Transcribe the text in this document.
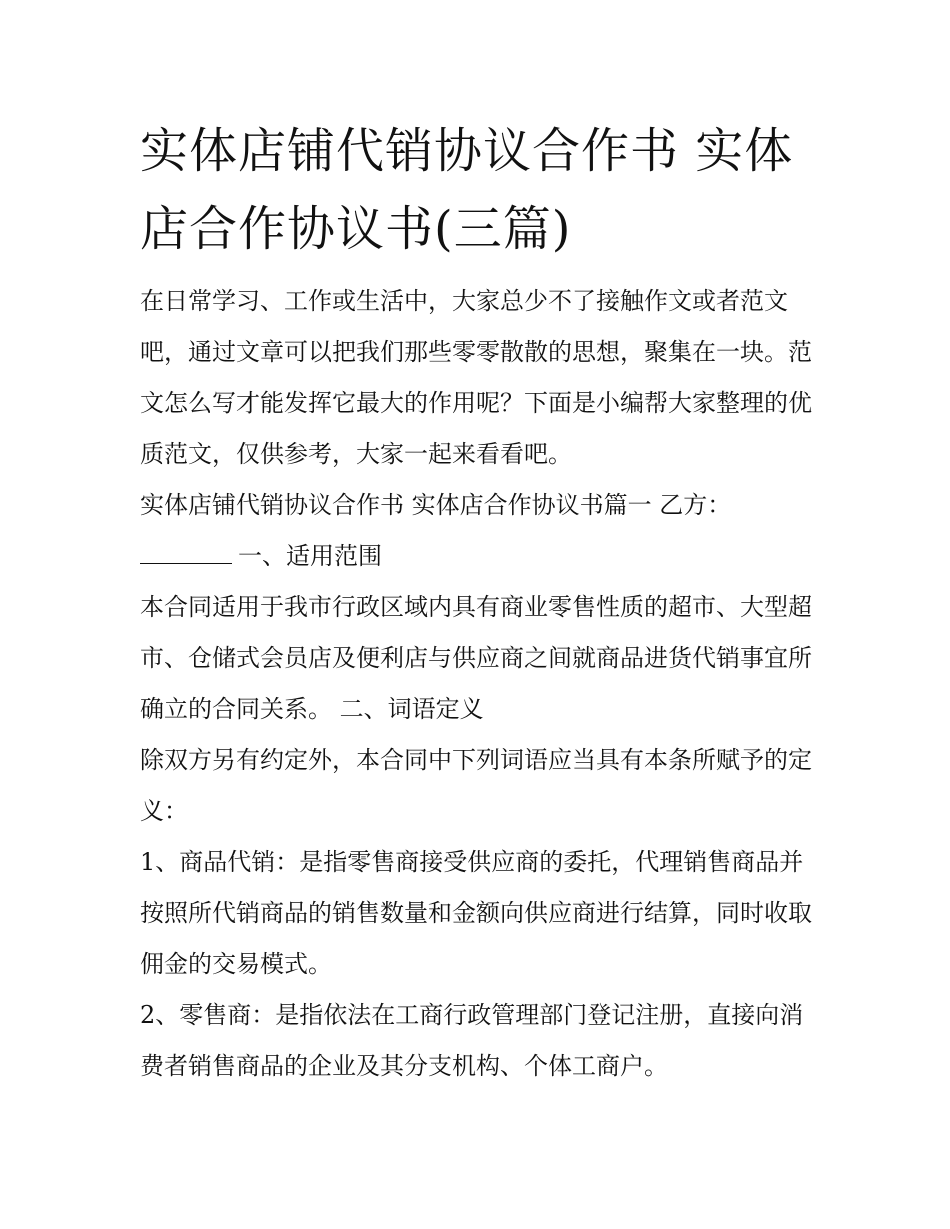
实体店铺代销协议合作书 实体店合作协议书(三篇)

在日常学习、工作或生活中，大家总少不了接触作文或者范文吧，通过文章可以把我们那些零零散散的思想，聚集在一块。范文怎么写才能发挥它最大的作用呢？下面是小编帮大家整理的优质范文，仅供参考，大家一起来看看吧。

实体店铺代销协议合作书 实体店合作协议书篇一 乙方：

一、适用范围

本合同适用于我市行政区域内具有商业零售性质的超市、大型超市、仓储式会员店及便利店与供应商之间就商品进货代销事宜所确立的合同关系。 二、词语定义

除双方另有约定外，本合同中下列词语应当具有本条所赋予的定义：

1、商品代销：是指零售商接受供应商的委托，代理销售商品并按照所代销商品的销售数量和金额向供应商进行结算，同时收取佣金的交易模式。

2、零售商：是指依法在工商行政管理部门登记注册，直接向消费者销售商品的企业及其分支机构、个体工商户。
